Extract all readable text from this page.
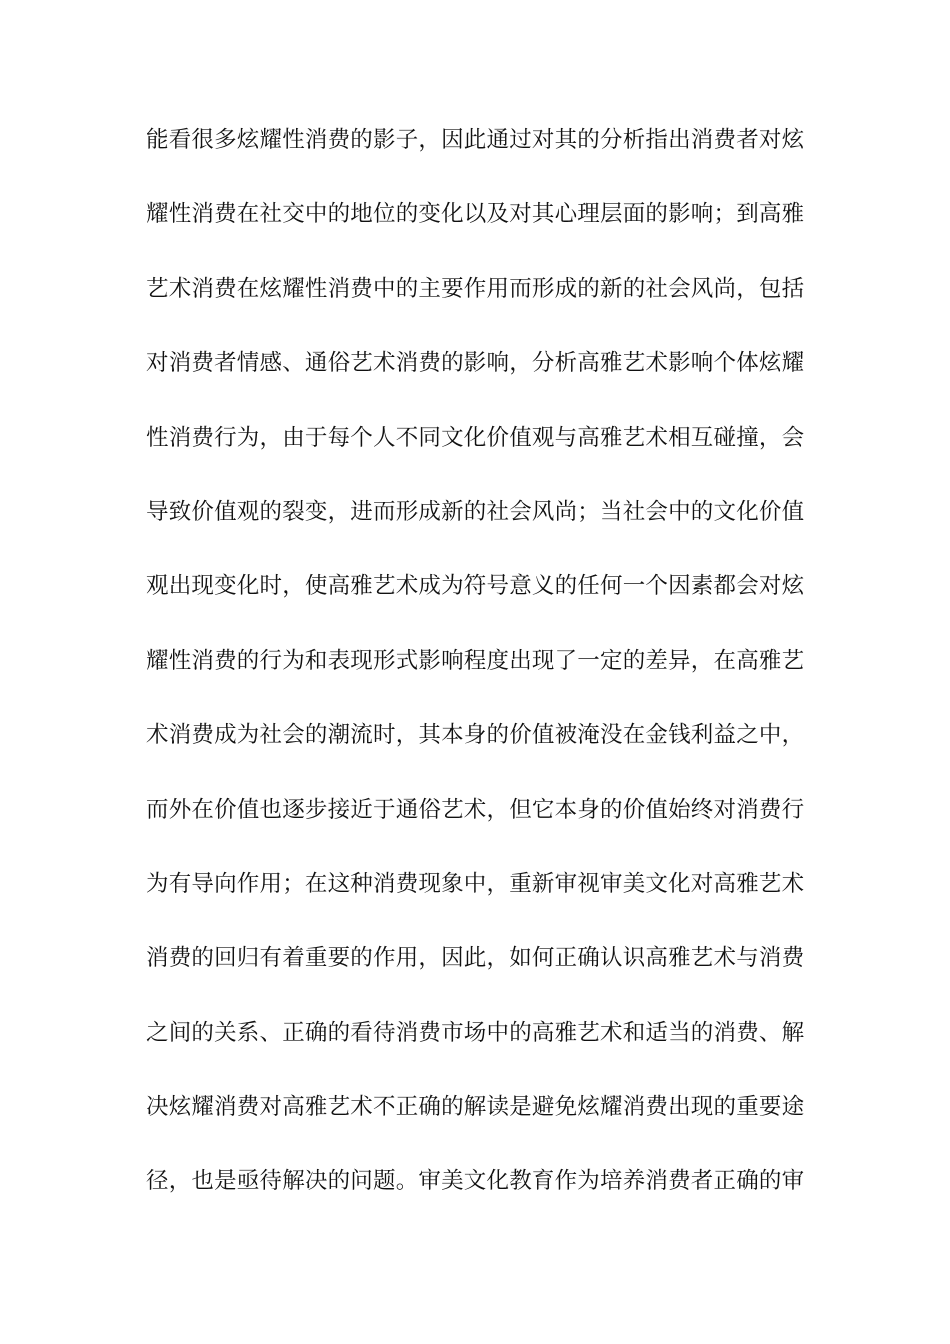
能看很多炫耀性消费的影子，因此通过对其的分析指出消费者对炫
耀性消费在社交中的地位的变化以及对其心理层面的影响；到高雅
艺术消费在炫耀性消费中的主要作用而形成的新的社会风尚，包括
对消费者情感、通俗艺术消费的影响，分析高雅艺术影响个体炫耀
性消费行为，由于每个人不同文化价值观与高雅艺术相互碰撞，会
导致价值观的裂变，进而形成新的社会风尚；当社会中的文化价值
观出现变化时，使高雅艺术成为符号意义的任何一个因素都会对炫
耀性消费的行为和表现形式影响程度出现了一定的差异，在高雅艺
术消费成为社会的潮流时，其本身的价值被淹没在金钱利益之中，
而外在价值也逐步接近于通俗艺术，但它本身的价值始终对消费行
为有导向作用；在这种消费现象中，重新审视审美文化对高雅艺术
消费的回归有着重要的作用，因此，如何正确认识高雅艺术与消费
之间的关系、正确的看待消费市场中的高雅艺术和适当的消费、解
决炫耀消费对高雅艺术不正确的解读是避免炫耀消费出现的重要途
径，也是亟待解决的问题。审美文化教育作为培养消费者正确的审
